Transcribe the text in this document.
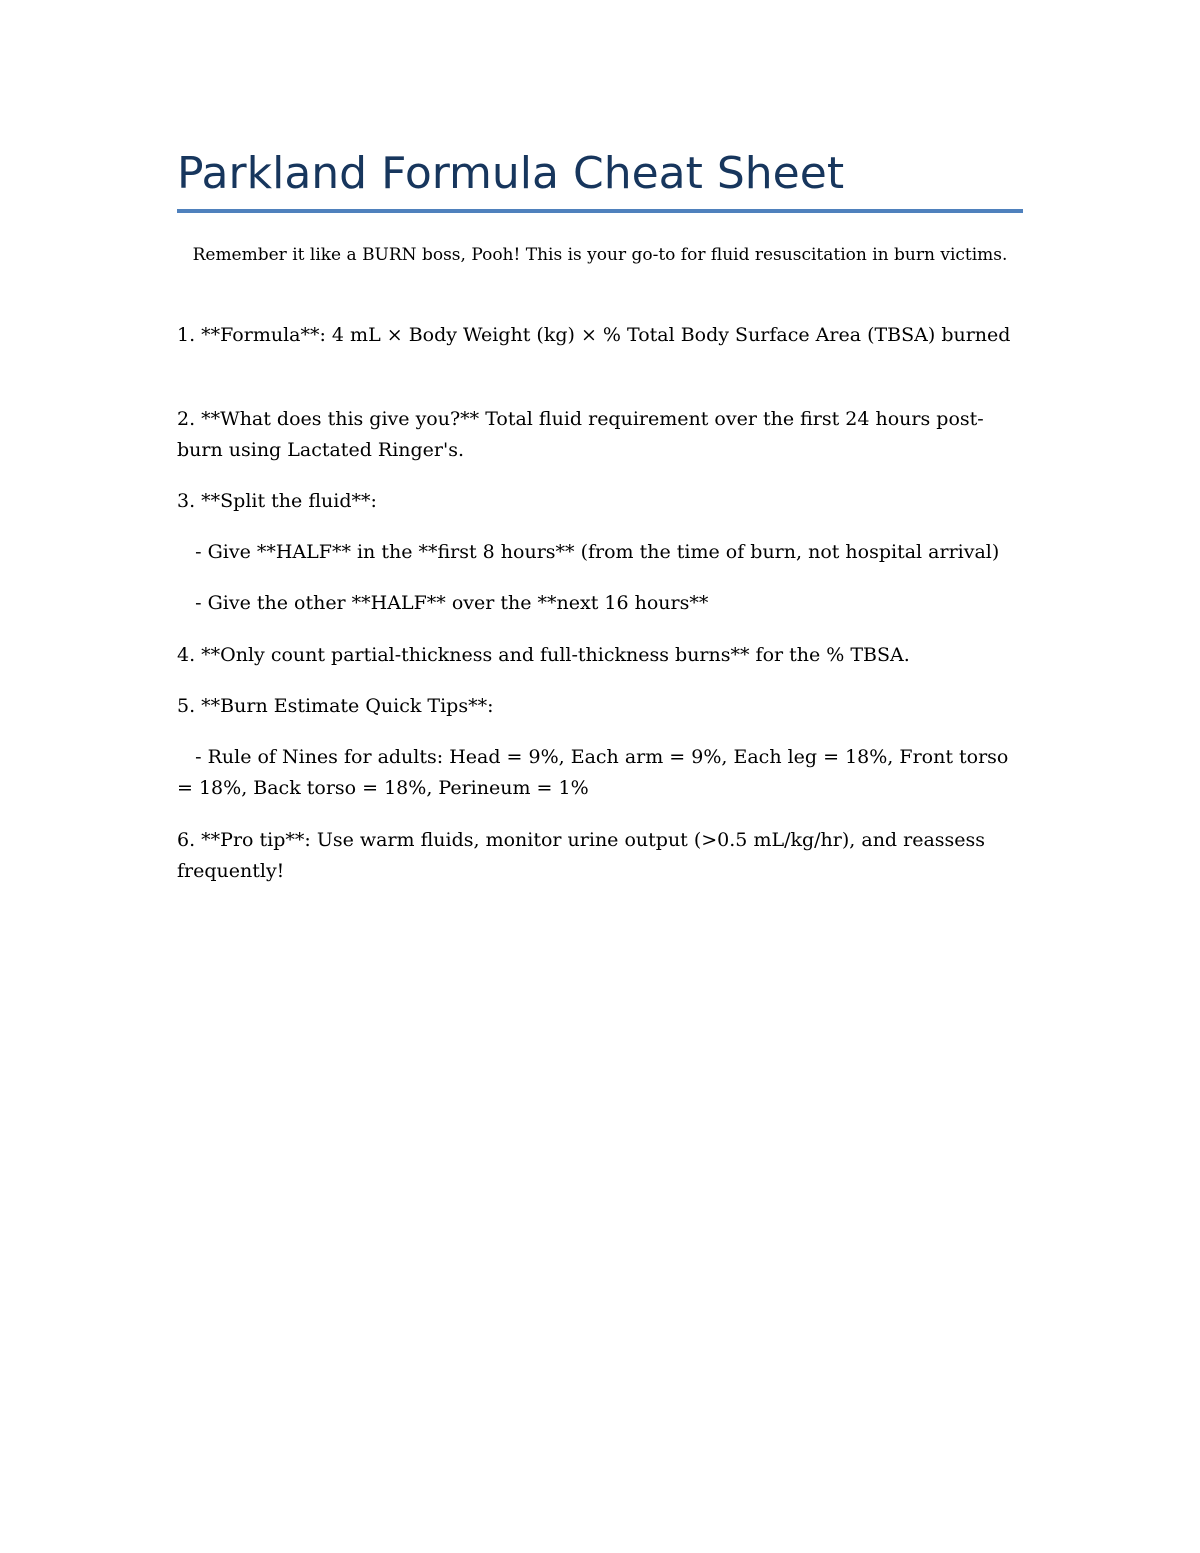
Parkland Formula Cheat Sheet

Remember it like a BURN boss, Pooh! This is your go-to for fluid resuscitation in burn victims.

1. **Formula**: 4 mL × Body Weight (kg) × % Total Body Surface Area (TBSA) burned

2. **What does this give you?** Total fluid requirement over the first 24 hours post-burn using Lactated Ringer's.

3. **Split the fluid**:

- Give **HALF** in the **first 8 hours** (from the time of burn, not hospital arrival)

- Give the other **HALF** over the **next 16 hours**

4. **Only count partial-thickness and full-thickness burns** for the % TBSA.

5. **Burn Estimate Quick Tips**:

- Rule of Nines for adults: Head = 9%, Each arm = 9%, Each leg = 18%, Front torso = 18%, Back torso = 18%, Perineum = 1%

6. **Pro tip**: Use warm fluids, monitor urine output (>0.5 mL/kg/hr), and reassess frequently!
